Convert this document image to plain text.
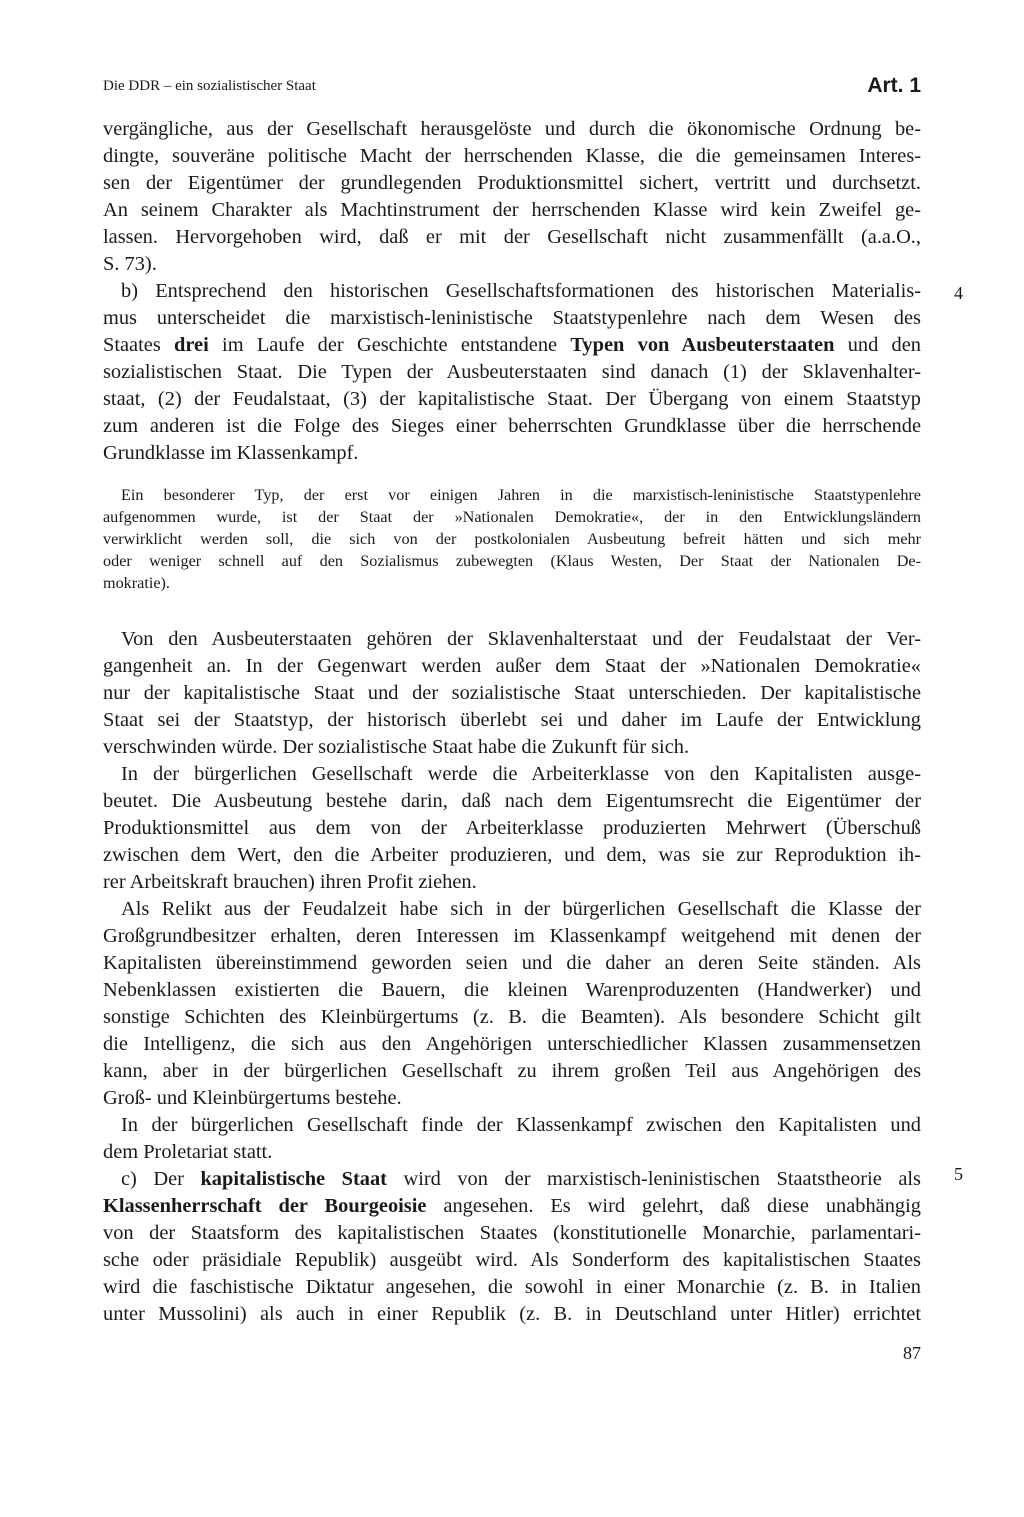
Die DDR – ein sozialistischer Staat	Art. 1
vergängliche, aus der Gesellschaft herausgelöste und durch die ökonomische Ordnung be-
dingte, souveräne politische Macht der herrschenden Klasse, die die gemeinsamen Interes-
sen der Eigentümer der grundlegenden Produktionsmittel sichert, vertritt und durchsetzt.
An seinem Charakter als Machtinstrument der herrschenden Klasse wird kein Zweifel ge-
lassen. Hervorgehoben wird, daß er mit der Gesellschaft nicht zusammenfällt (a.a.O.,
S. 73).
b) Entsprechend den historischen Gesellschaftsformationen des historischen Materialis-
mus unterscheidet die marxistisch-leninistische Staatstypenlehre nach dem Wesen des
Staates drei im Laufe der Geschichte entstandene Typen von Ausbeuterstaaten und den
sozialistischen Staat. Die Typen der Ausbeuterstaaten sind danach (1) der Sklavenhalter-
staat, (2) der Feudalstaat, (3) der kapitalistische Staat. Der Übergang von einem Staatstyp
zum anderen ist die Folge des Sieges einer beherrschten Grundklasse über die herrschende
Grundklasse im Klassenkampf.
4
Ein besonderer Typ, der erst vor einigen Jahren in die marxistisch-leninistische Staatstypenlehre
aufgenommen wurde, ist der Staat der »Nationalen Demokratie«, der in den Entwicklungsländern
verwirklicht werden soll, die sich von der postkolonialen Ausbeutung befreit hätten und sich mehr
oder weniger schnell auf den Sozialismus zubewegten (Klaus Westen, Der Staat der Nationalen De-
mokratie).
Von den Ausbeuterstaaten gehören der Sklavenhalterstaat und der Feudalstaat der Ver-
gangenheit an. In der Gegenwart werden außer dem Staat der »Nationalen Demokratie«
nur der kapitalistische Staat und der sozialistische Staat unterschieden. Der kapitalistische
Staat sei der Staatstyp, der historisch überlebt sei und daher im Laufe der Entwicklung
verschwinden würde. Der sozialistische Staat habe die Zukunft für sich.
In der bürgerlichen Gesellschaft werde die Arbeiterklasse von den Kapitalisten ausge-
beutet. Die Ausbeutung bestehe darin, daß nach dem Eigentumsrecht die Eigentümer der
Produktionsmittel aus dem von der Arbeiterklasse produzierten Mehrwert (Überschuß
zwischen dem Wert, den die Arbeiter produzieren, und dem, was sie zur Reproduktion ih-
rer Arbeitskraft brauchen) ihren Profit ziehen.
Als Relikt aus der Feudalzeit habe sich in der bürgerlichen Gesellschaft die Klasse der
Großgrundbesitzer erhalten, deren Interessen im Klassenkampf weitgehend mit denen der
Kapitalisten übereinstimmend geworden seien und die daher an deren Seite ständen. Als
Nebenklassen existierten die Bauern, die kleinen Warenproduzenten (Handwerker) und
sonstige Schichten des Kleinbürgertums (z. B. die Beamten). Als besondere Schicht gilt
die Intelligenz, die sich aus den Angehörigen unterschiedlicher Klassen zusammensetzen
kann, aber in der bürgerlichen Gesellschaft zu ihrem großen Teil aus Angehörigen des
Groß- und Kleinbürgertums bestehe.
In der bürgerlichen Gesellschaft finde der Klassenkampf zwischen den Kapitalisten und
dem Proletariat statt.
c) Der kapitalistische Staat wird von der marxistisch-leninistischen Staatstheorie als
Klassenherrschaft der Bourgeoisie angesehen. Es wird gelehrt, daß diese unabhängig
von der Staatsform des kapitalistischen Staates (konstitutionelle Monarchie, parlamentari-
sche oder präsidiale Republik) ausgeübt wird. Als Sonderform des kapitalistischen Staates
wird die faschistische Diktatur angesehen, die sowohl in einer Monarchie (z. B. in Italien
unter Mussolini) als auch in einer Republik (z. B. in Deutschland unter Hitler) errichtet
5
87
